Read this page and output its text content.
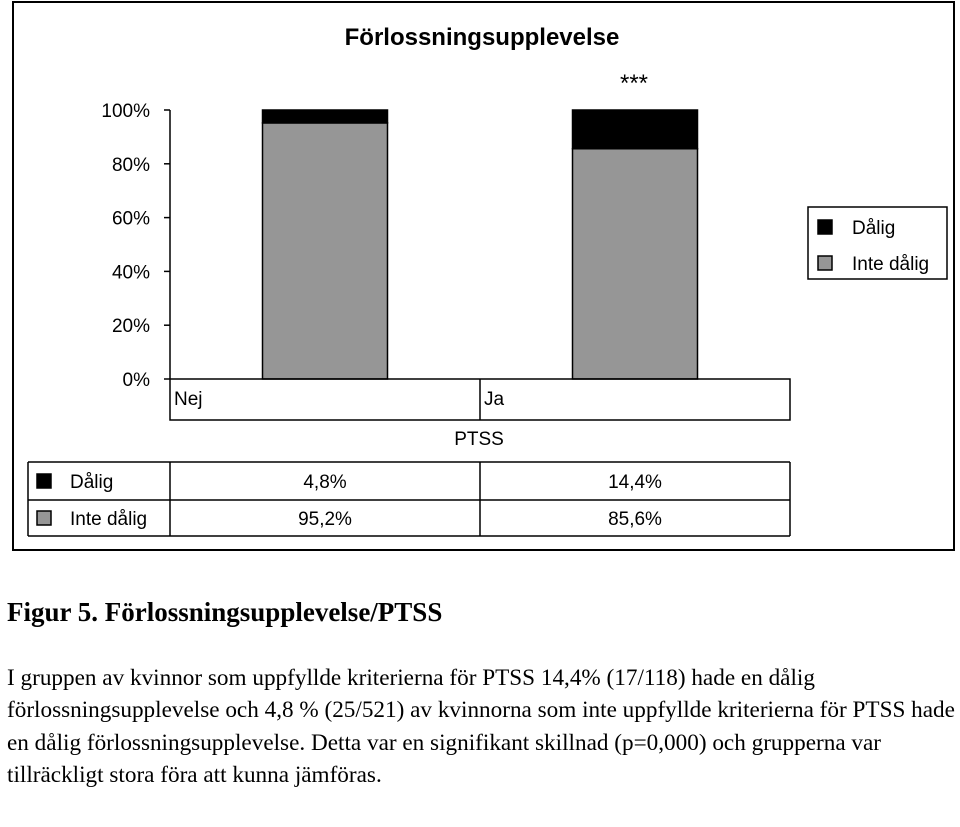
Förlossningsupplevelse
100%
80%
60%
40%
20%
0%
***
Nej	Ja
Dålig	4,8%	14,4%
Inte dålig	95,2%	85,6%
PTSS
Dålig
Inte dålig

Figur 5. Förlossningsupplevelse/PTSS

I gruppen av kvinnor som uppfyllde kriterierna för PTSS 14,4% (17/118) hade en dålig förlossningsupplevelse och 4,8 % (25/521) av kvinnorna som inte uppfyllde kriterierna för PTSS hade en dålig förlossningsupplevelse. Detta var en signifikant skillnad (p=0,000) och grupperna var tillräckligt stora föra att kunna jämföras.
